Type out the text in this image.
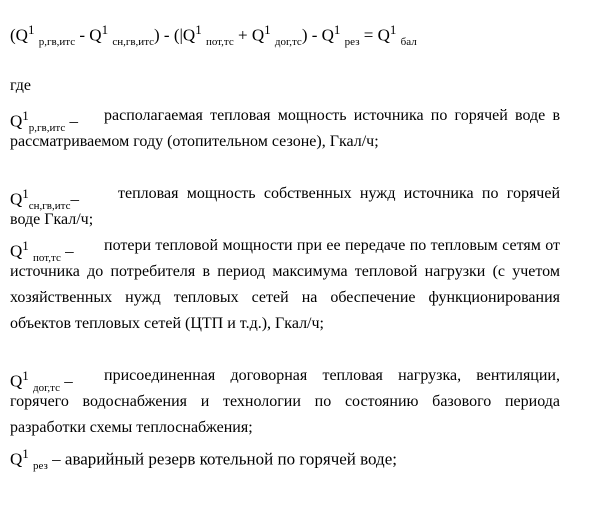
($Q^1$ $_{р,гв,итс} - Q^1$ $_{сн,гв,итс}) - (|Q^1$ $_{пот,тс} + Q^1$ $_{дог,тс}) - Q^1$ $_{рез} = Q^1$ $_{бал}$
где
$Q^1_{р,гв,итс}$ –	располагаемая тепловая мощность источника по горячей воде в рассматриваемом году (отопительном сезоне), Гкал/ч;
$Q^1_{сн,гв,итс}-$	тепловая мощность собственных нужд источника по горячей воде Гкал/ч;
$Q^1$ $_{пот,тс}$ –	потери тепловой мощности при ее передаче по тепловым сетям от источника до потребителя в период максимума тепловой нагрузки (с учетом хозяйственных нужд тепловых сетей на обеспечение функционирования объектов тепловых сетей (ЦТП и т.д.), Гкал/ч;
$Q^1$ $_{дог,тс}$ –	присоединенная договорная тепловая нагрузка, вентиляции, горячего водоснабжения и технологии по состоянию базового периода разработки схемы теплоснабжения;
$Q^1$ $_{рез}$ – аварийный резерв котельной по горячей воде;
